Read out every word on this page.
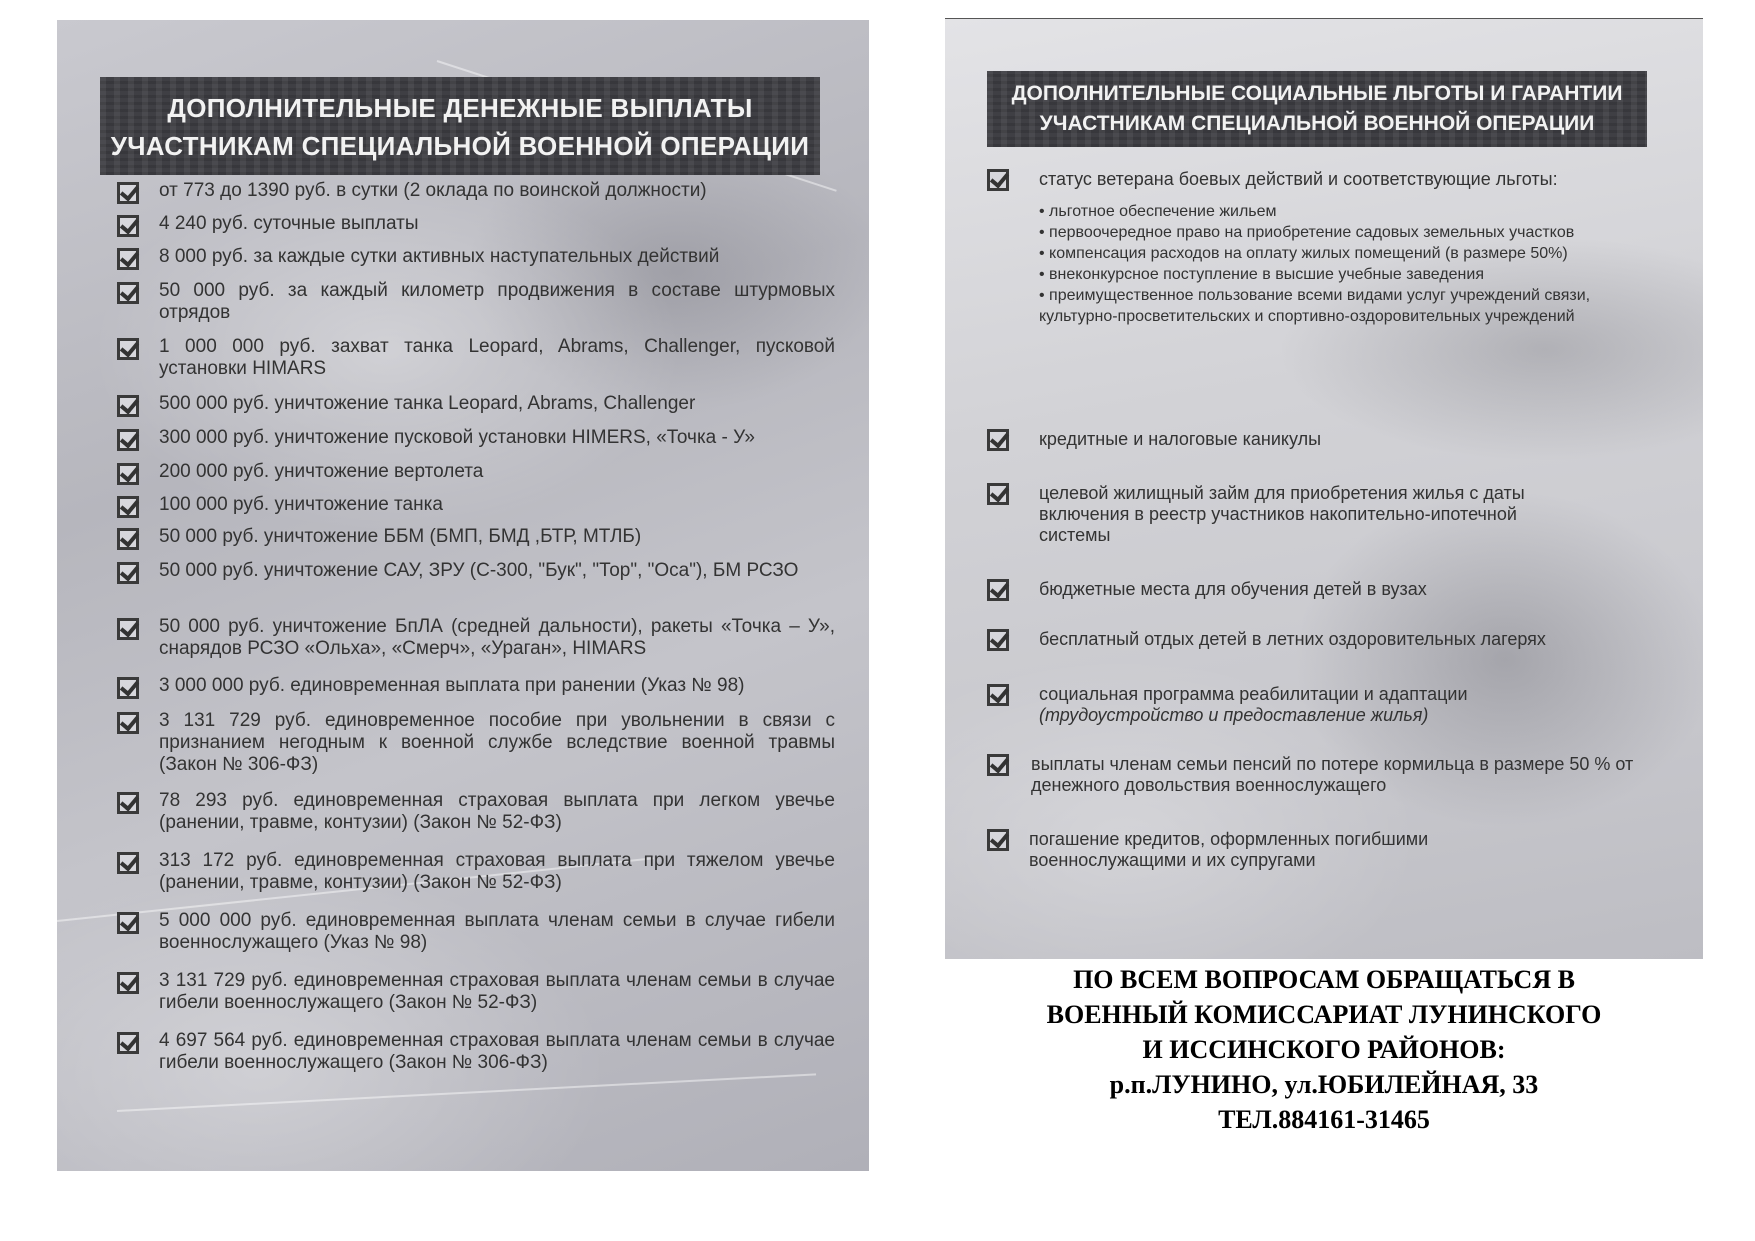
ДОПОЛНИТЕЛЬНЫЕ ДЕНЕЖНЫЕ ВЫПЛАТЫ
УЧАСТНИКАМ СПЕЦИАЛЬНОЙ ВОЕННОЙ ОПЕРАЦИИ
от 773 до 1390 руб. в сутки (2 оклада по воинской должности)
4 240 руб. суточные выплаты
8 000 руб. за каждые сутки активных наступательных действий
50 000 руб. за каждый километр продвижения в составе штурмовых отрядов
1 000 000 руб. захват танка Leopard, Abrams, Challenger, пусковой установки HIMARS
500 000 руб. уничтожение танка Leopard, Abrams, Challenger
300 000 руб. уничтожение пусковой установки HIMERS, «Точка - У»
200 000 руб. уничтожение вертолета
100 000 руб. уничтожение танка
50 000 руб. уничтожение ББМ (БМП, БМД ,БТР, МТЛБ)
50 000 руб. уничтожение САУ, ЗРУ (С-300, "Бук", "Тор", "Оса"), БМ РСЗО
50 000 руб. уничтожение БпЛА (средней дальности), ракеты «Точка – У», снарядов РСЗО «Ольха», «Смерч», «Ураган», HIMARS
3 000 000 руб. единовременная выплата при ранении (Указ № 98)
3 131 729 руб. единовременное пособие при увольнении в связи с признанием негодным к военной службе вследствие военной травмы (Закон № 306-ФЗ)
78 293 руб. единовременная страховая выплата при легком увечье (ранении, травме, контузии) (Закон № 52-ФЗ)
313 172 руб. единовременная страховая выплата при тяжелом увечье (ранении, травме, контузии) (Закон № 52-ФЗ)
5 000 000 руб. единовременная выплата членам семьи в случае гибели военнослужащего (Указ № 98)
3 131 729 руб. единовременная страховая выплата членам семьи в случае гибели военнослужащего (Закон № 52-ФЗ)
4 697 564 руб. единовременная страховая выплата членам семьи в случае гибели военнослужащего (Закон № 306-ФЗ)
ДОПОЛНИТЕЛЬНЫЕ СОЦИАЛЬНЫЕ ЛЬГОТЫ И ГАРАНТИИ
УЧАСТНИКАМ СПЕЦИАЛЬНОЙ ВОЕННОЙ ОПЕРАЦИИ
статус ветерана боевых действий и соответствующие льготы:
• льготное обеспечение жильем
• первоочередное право на приобретение садовых земельных участков
• компенсация расходов на оплату жилых помещений (в размере 50%)
• внеконкурсное поступление в высшие учебные заведения
• преимущественное пользование всеми видами услуг учреждений связи, культурно-просветительских и спортивно-оздоровительных учреждений
кредитные и налоговые каникулы
целевой жилищный займ для приобретения жилья с даты включения в реестр участников накопительно-ипотечной системы
бюджетные места для обучения детей в вузах
бесплатный отдых детей в летних оздоровительных лагерях
социальная программа реабилитации и адаптации
(трудоустройство и предоставление жилья)
выплаты членам семьи пенсий по потере кормильца в размере 50 % от денежного довольствия военнослужащего
погашение кредитов, оформленных погибшими военнослужащими и их супругами
ПО ВСЕМ ВОПРОСАМ ОБРАЩАТЬСЯ В
ВОЕННЫЙ КОМИССАРИАТ ЛУНИНСКОГО
И ИССИНСКОГО РАЙОНОВ:
р.п.ЛУНИНО, ул.ЮБИЛЕЙНАЯ, 33
ТЕЛ.884161-31465
